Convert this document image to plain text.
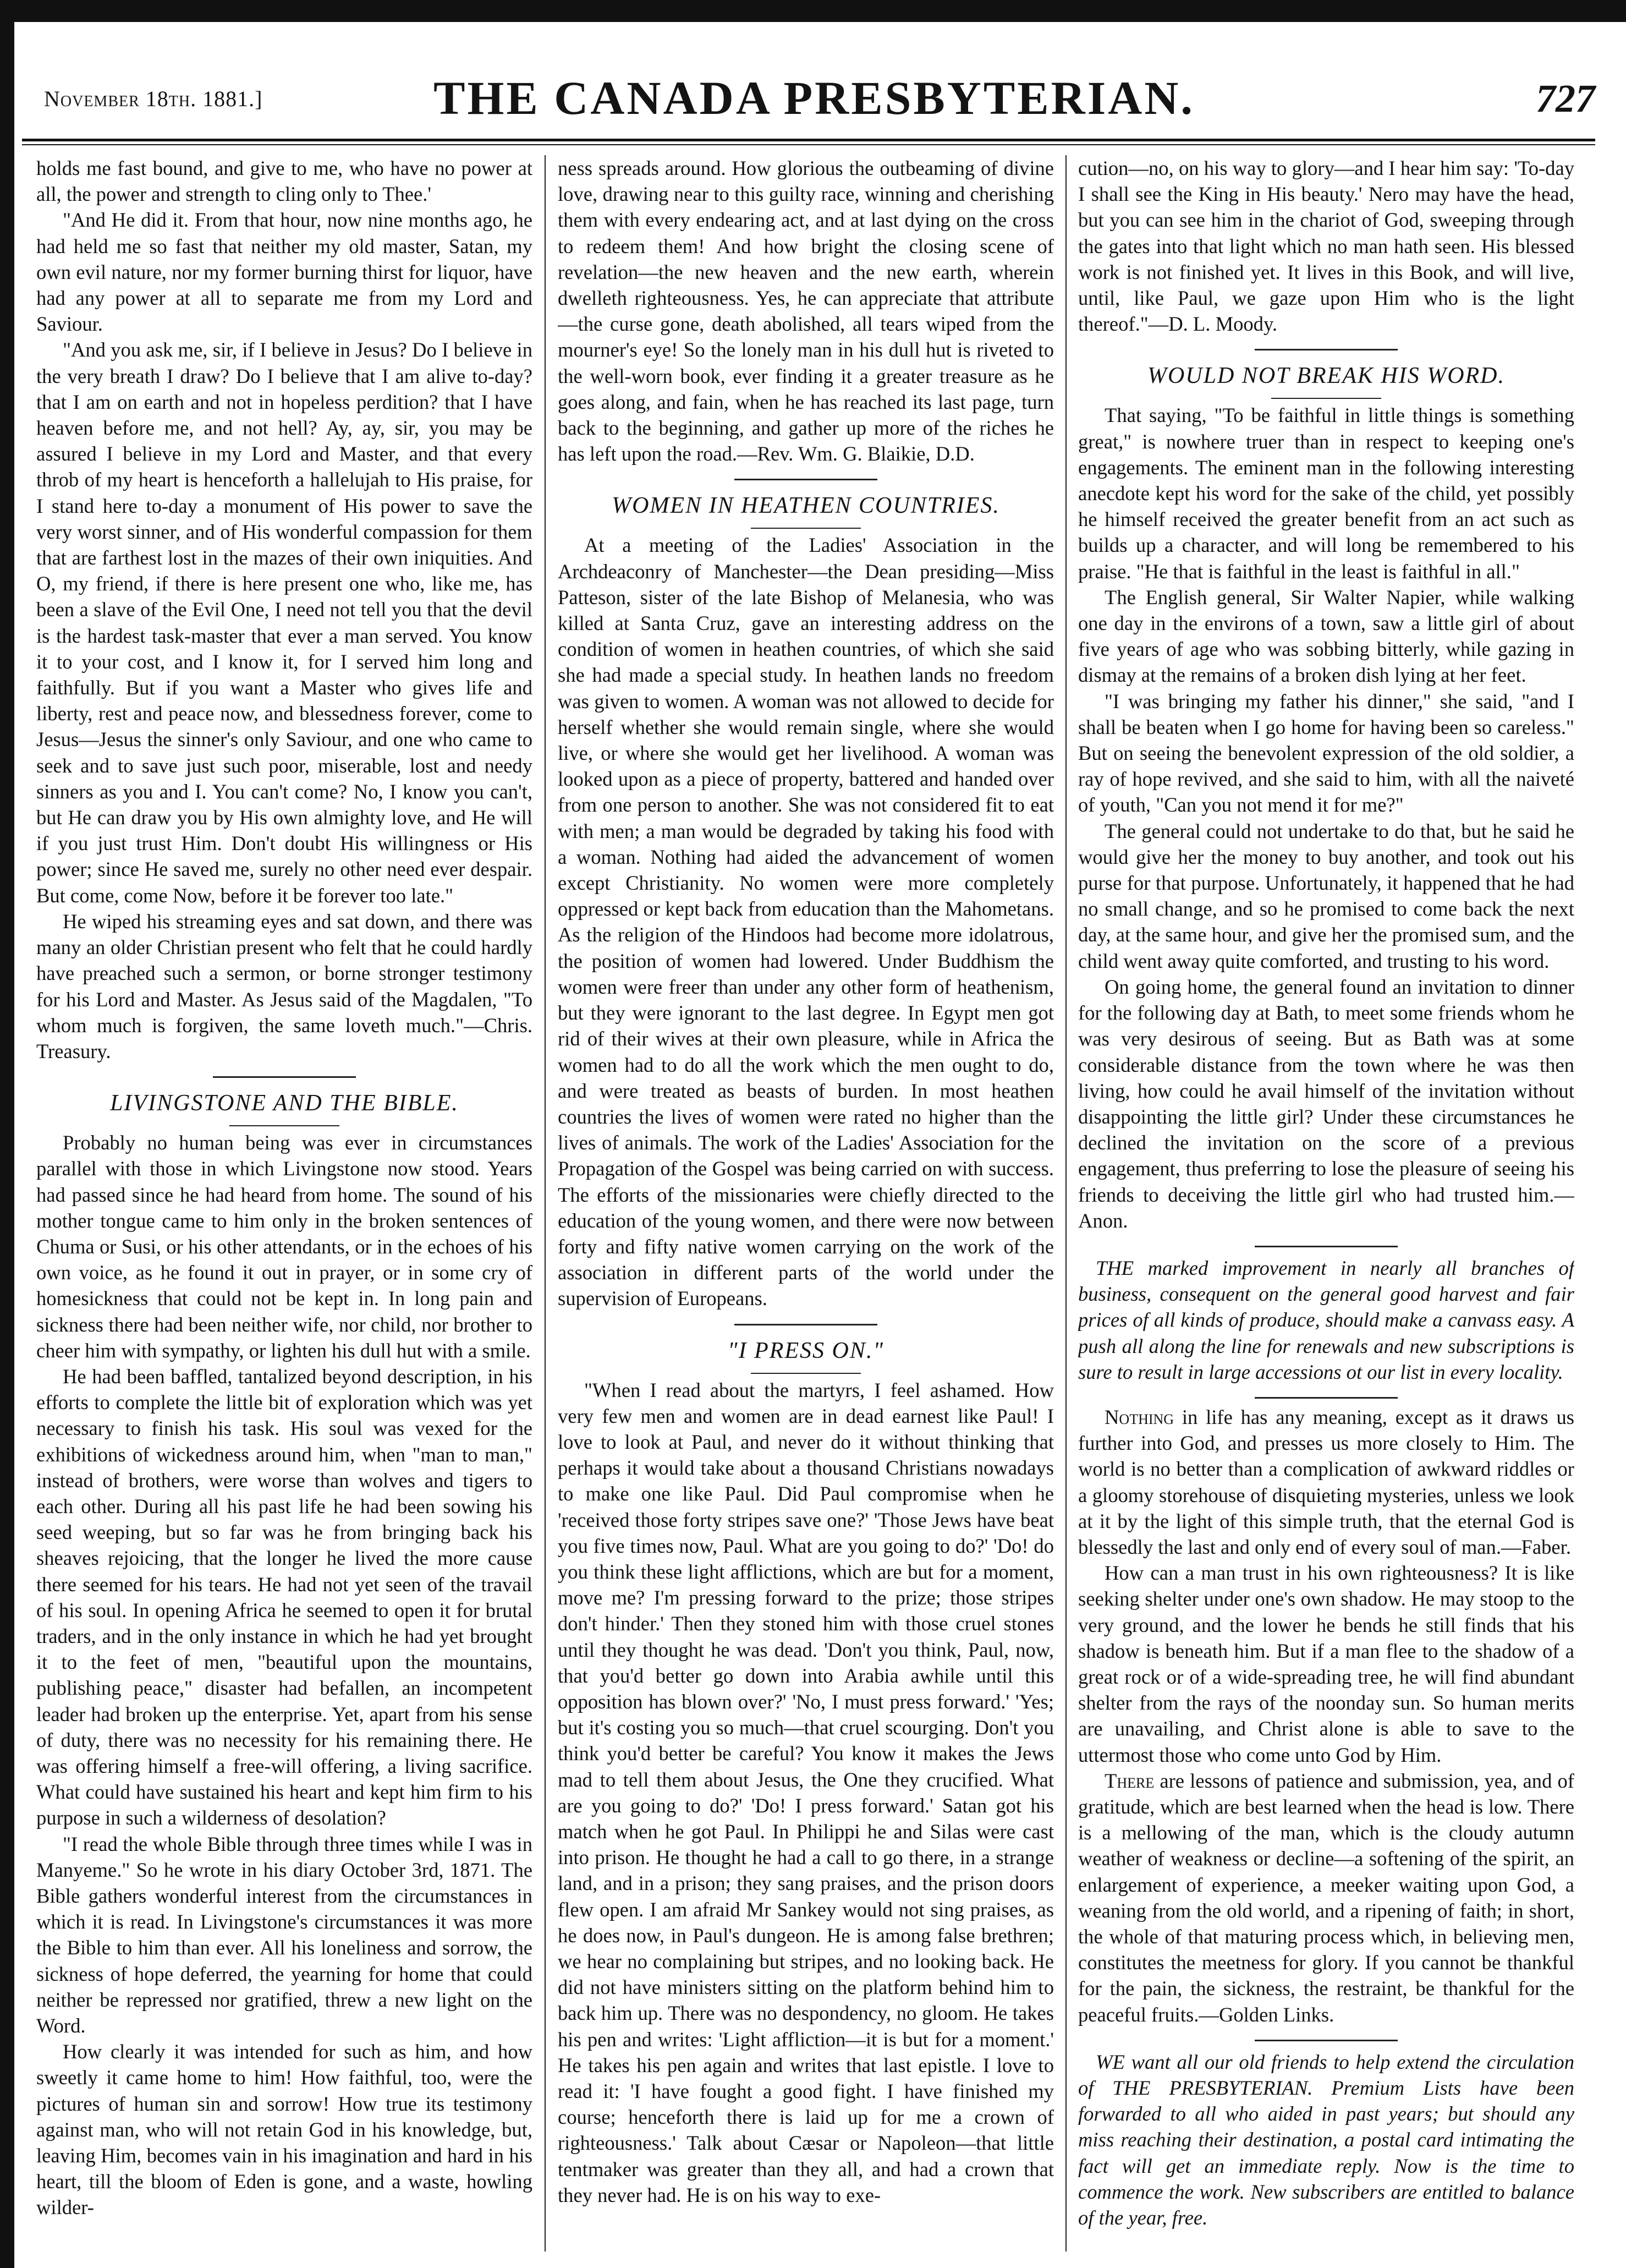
November 18th. 1881.]	THE CANADA PRESBYTERIAN.	727

holds me fast bound, and give to me, who have no power at all, the power and strength to cling only to Thee.'

"And He did it. From that hour, now nine months ago, he had held me so fast that neither my old master, Satan, my own evil nature, nor my former burning thirst for liquor, have had any power at all to separate me from my Lord and Saviour.

"And you ask me, sir, if I believe in Jesus? Do I believe in the very breath I draw? Do I believe that I am alive to-day? that I am on earth and not in hopeless perdition? that I have heaven before me, and not hell? Ay, ay, sir, you may be assured I believe in my Lord and Master, and that every throb of my heart is henceforth a hallelujah to His praise, for I stand here to-day a monument of His power to save the very worst sinner, and of His wonderful compassion for them that are farthest lost in the mazes of their own iniquities. And O, my friend, if there is here present one who, like me, has been a slave of the Evil One, I need not tell you that the devil is the hardest task-master that ever a man served. You know it to your cost, and I know it, for I served him long and faithfully. But if you want a Master who gives life and liberty, rest and peace now, and blessedness forever, come to Jesus—Jesus the sinner's only Saviour, and one who came to seek and to save just such poor, miserable, lost and needy sinners as you and I. You can't come? No, I know you can't, but He can draw you by His own almighty love, and He will if you just trust Him. Don't doubt His willingness or His power; since He saved me, surely no other need ever despair. But come, come Now, before it be forever too late."

He wiped his streaming eyes and sat down, and there was many an older Christian present who felt that he could hardly have preached such a sermon, or borne stronger testimony for his Lord and Master. As Jesus said of the Magdalen, "To whom much is forgiven, the same loveth much."—Chris. Treasury.

LIVINGSTONE AND THE BIBLE.

Probably no human being was ever in circumstances parallel with those in which Livingstone now stood. Years had passed since he had heard from home. The sound of his mother tongue came to him only in the broken sentences of Chuma or Susi, or his other attendants, or in the echoes of his own voice, as he found it out in prayer, or in some cry of homesickness that could not be kept in. In long pain and sickness there had been neither wife, nor child, nor brother to cheer him with sympathy, or lighten his dull hut with a smile.

He had been baffled, tantalized beyond description, in his efforts to complete the little bit of exploration which was yet necessary to finish his task. His soul was vexed for the exhibitions of wickedness around him, when "man to man," instead of brothers, were worse than wolves and tigers to each other. During all his past life he had been sowing his seed weeping, but so far was he from bringing back his sheaves rejoicing, that the longer he lived the more cause there seemed for his tears. He had not yet seen of the travail of his soul. In opening Africa he seemed to open it for brutal traders, and in the only instance in which he had yet brought it to the feet of men, "beautiful upon the mountains, publishing peace," disaster had befallen, an incompetent leader had broken up the enterprise. Yet, apart from his sense of duty, there was no necessity for his remaining there. He was offering himself a free-will offering, a living sacrifice. What could have sustained his heart and kept him firm to his purpose in such a wilderness of desolation?

"I read the whole Bible through three times while I was in Manyeme." So he wrote in his diary October 3rd, 1871. The Bible gathers wonderful interest from the circumstances in which it is read. In Livingstone's circumstances it was more the Bible to him than ever. All his loneliness and sorrow, the sickness of hope deferred, the yearning for home that could neither be repressed nor gratified, threw a new light on the Word.

How clearly it was intended for such as him, and how sweetly it came home to him! How faithful, too, were the pictures of human sin and sorrow! How true its testimony against man, who will not retain God in his knowledge, but, leaving Him, becomes vain in his imagination and hard in his heart, till the bloom of Eden is gone, and a waste, howling wilder-

ness spreads around. How glorious the outbeaming of divine love, drawing near to this guilty race, winning and cherishing them with every endearing act, and at last dying on the cross to redeem them! And how bright the closing scene of revelation—the new heaven and the new earth, wherein dwelleth righteousness. Yes, he can appreciate that attribute—the curse gone, death abolished, all tears wiped from the mourner's eye! So the lonely man in his dull hut is riveted to the well-worn book, ever finding it a greater treasure as he goes along, and fain, when he has reached its last page, turn back to the beginning, and gather up more of the riches he has left upon the road.—Rev. Wm. G. Blaikie, D.D.

WOMEN IN HEATHEN COUNTRIES.

At a meeting of the Ladies' Association in the Archdeaconry of Manchester—the Dean presiding—Miss Patteson, sister of the late Bishop of Melanesia, who was killed at Santa Cruz, gave an interesting address on the condition of women in heathen countries, of which she said she had made a special study. In heathen lands no freedom was given to women. A woman was not allowed to decide for herself whether she would remain single, where she would live, or where she would get her livelihood. A woman was looked upon as a piece of property, battered and handed over from one person to another. She was not considered fit to eat with men; a man would be degraded by taking his food with a woman. Nothing had aided the advancement of women except Christianity. No women were more completely oppressed or kept back from education than the Mahometans. As the religion of the Hindoos had become more idolatrous, the position of women had lowered. Under Buddhism the women were freer than under any other form of heathenism, but they were ignorant to the last degree. In Egypt men got rid of their wives at their own pleasure, while in Africa the women had to do all the work which the men ought to do, and were treated as beasts of burden. In most heathen countries the lives of women were rated no higher than the lives of animals. The work of the Ladies' Association for the Propagation of the Gospel was being carried on with success. The efforts of the missionaries were chiefly directed to the education of the young women, and there were now between forty and fifty native women carrying on the work of the association in different parts of the world under the supervision of Europeans.

"I PRESS ON."

"When I read about the martyrs, I feel ashamed. How very few men and women are in dead earnest like Paul! I love to look at Paul, and never do it without thinking that perhaps it would take about a thousand Christians nowadays to make one like Paul. Did Paul compromise when he 'received those forty stripes save one?' 'Those Jews have beat you five times now, Paul. What are you going to do?' 'Do! do you think these light afflictions, which are but for a moment, move me? I'm pressing forward to the prize; those stripes don't hinder.' Then they stoned him with those cruel stones until they thought he was dead. 'Don't you think, Paul, now, that you'd better go down into Arabia awhile until this opposition has blown over?' 'No, I must press forward.' 'Yes; but it's costing you so much—that cruel scourging. Don't you think you'd better be careful? You know it makes the Jews mad to tell them about Jesus, the One they crucified. What are you going to do?' 'Do! I press forward.' Satan got his match when he got Paul. In Philippi he and Silas were cast into prison. He thought he had a call to go there, in a strange land, and in a prison; they sang praises, and the prison doors flew open. I am afraid Mr Sankey would not sing praises, as he does now, in Paul's dungeon. He is among false brethren; we hear no complaining but stripes, and no looking back. He did not have ministers sitting on the platform behind him to back him up. There was no despondency, no gloom. He takes his pen and writes: 'Light affliction—it is but for a moment.' He takes his pen again and writes that last epistle. I love to read it: 'I have fought a good fight. I have finished my course; henceforth there is laid up for me a crown of righteousness.' Talk about Cæsar or Napoleon—that little tentmaker was greater than they all, and had a crown that they never had. He is on his way to exe-

cution—no, on his way to glory—and I hear him say: 'To-day I shall see the King in His beauty.' Nero may have the head, but you can see him in the chariot of God, sweeping through the gates into that light which no man hath seen. His blessed work is not finished yet. It lives in this Book, and will live, until, like Paul, we gaze upon Him who is the light thereof."—D. L. Moody.

WOULD NOT BREAK HIS WORD.

That saying, "To be faithful in little things is something great," is nowhere truer than in respect to keeping one's engagements. The eminent man in the following interesting anecdote kept his word for the sake of the child, yet possibly he himself received the greater benefit from an act such as builds up a character, and will long be remembered to his praise. "He that is faithful in the least is faithful in all."

The English general, Sir Walter Napier, while walking one day in the environs of a town, saw a little girl of about five years of age who was sobbing bitterly, while gazing in dismay at the remains of a broken dish lying at her feet.

"I was bringing my father his dinner," she said, "and I shall be beaten when I go home for having been so careless." But on seeing the benevolent expression of the old soldier, a ray of hope revived, and she said to him, with all the naiveté of youth, "Can you not mend it for me?"

The general could not undertake to do that, but he said he would give her the money to buy another, and took out his purse for that purpose. Unfortunately, it happened that he had no small change, and so he promised to come back the next day, at the same hour, and give her the promised sum, and the child went away quite comforted, and trusting to his word.

On going home, the general found an invitation to dinner for the following day at Bath, to meet some friends whom he was very desirous of seeing. But as Bath was at some considerable distance from the town where he was then living, how could he avail himself of the invitation without disappointing the little girl? Under these circumstances he declined the invitation on the score of a previous engagement, thus preferring to lose the pleasure of seeing his friends to deceiving the little girl who had trusted him.—Anon.

THE marked improvement in nearly all branches of business, consequent on the general good harvest and fair prices of all kinds of produce, should make a canvass easy. A push all along the line for renewals and new subscriptions is sure to result in large accessions ot our list in every locality.

Nothing in life has any meaning, except as it draws us further into God, and presses us more closely to Him. The world is no better than a complication of awkward riddles or a gloomy storehouse of disquieting mysteries, unless we look at it by the light of this simple truth, that the eternal God is blessedly the last and only end of every soul of man.—Faber.

How can a man trust in his own righteousness? It is like seeking shelter under one's own shadow. He may stoop to the very ground, and the lower he bends he still finds that his shadow is beneath him. But if a man flee to the shadow of a great rock or of a wide-spreading tree, he will find abundant shelter from the rays of the noonday sun. So human merits are unavailing, and Christ alone is able to save to the uttermost those who come unto God by Him.

There are lessons of patience and submission, yea, and of gratitude, which are best learned when the head is low. There is a mellowing of the man, which is the cloudy autumn weather of weakness or decline—a softening of the spirit, an enlargement of experience, a meeker waiting upon God, a weaning from the old world, and a ripening of faith; in short, the whole of that maturing process which, in believing men, constitutes the meetness for glory. If you cannot be thankful for the pain, the sickness, the restraint, be thankful for the peaceful fruits.—Golden Links.

WE want all our old friends to help extend the circulation of THE PRESBYTERIAN. Premium Lists have been forwarded to all who aided in past years; but should any miss reaching their destination, a postal card intimating the fact will get an immediate reply. Now is the time to commence the work. New subscribers are entitled to balance of the year, free.
